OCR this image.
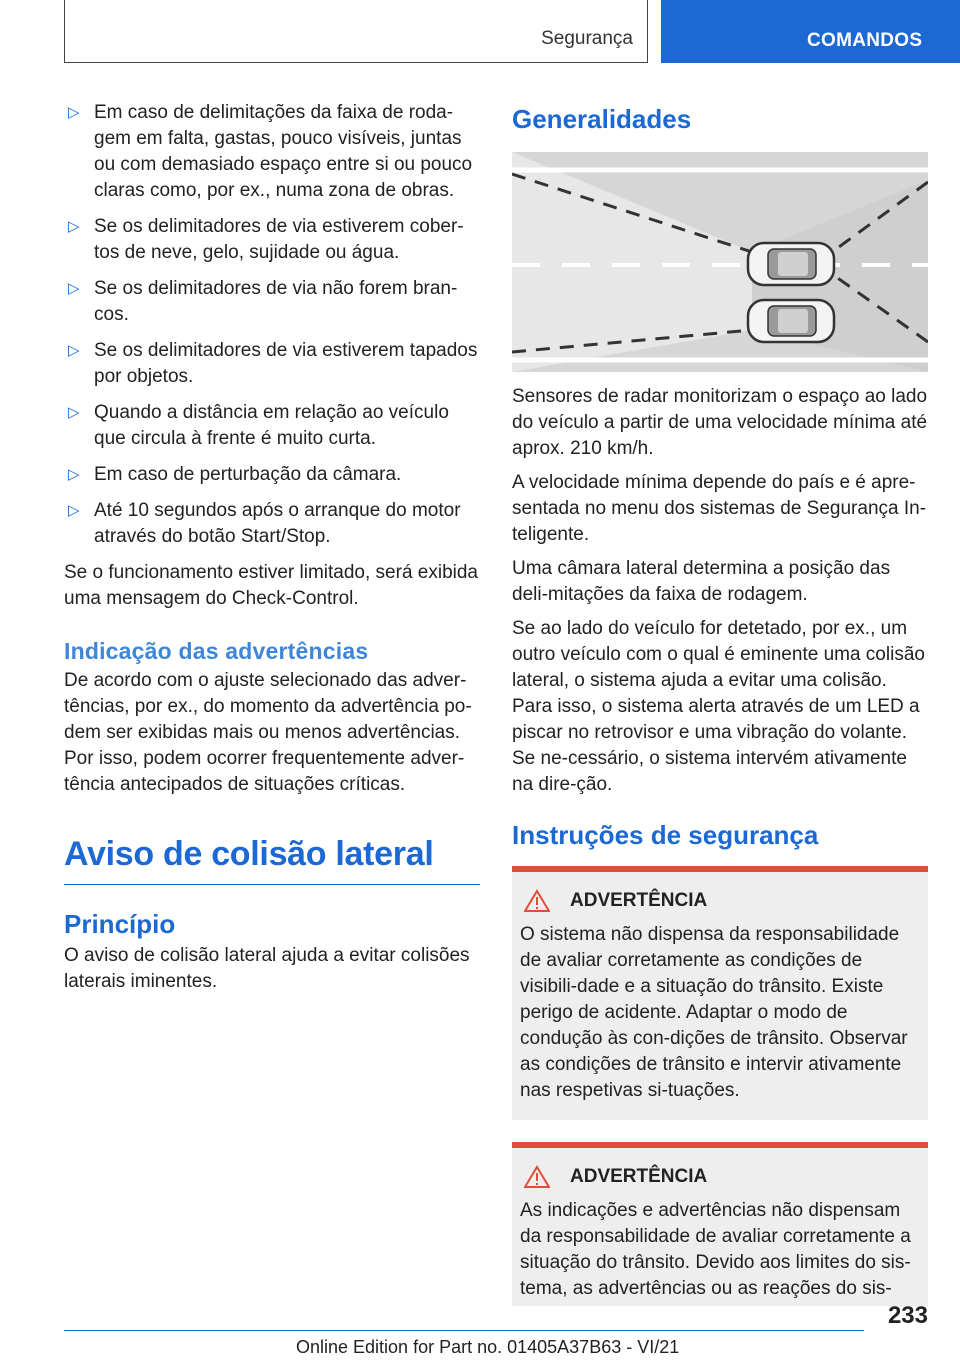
Segurança	COMANDOS
▷ Em caso de delimitações da faixa de roda-gem em falta, gastas, pouco visíveis, juntas ou com demasiado espaço entre si ou pouco claras como, por ex., numa zona de obras.
▷ Se os delimitadores de via estiverem cober-tos de neve, gelo, sujidade ou água.
▷ Se os delimitadores de via não forem bran-cos.
▷ Se os delimitadores de via estiverem tapados por objetos.
▷ Quando a distância em relação ao veículo que circula à frente é muito curta.
▷ Em caso de perturbação da câmara.
▷ Até 10 segundos após o arranque do motor através do botão Start/Stop.

Se o funcionamento estiver limitado, será exibida uma mensagem do Check-Control.

Indicação das advertências

De acordo com o ajuste selecionado das adver-tências, por ex., do momento da advertência po-dem ser exibidas mais ou menos advertências. Por isso, podem ocorrer frequentemente adver-tência antecipados de situações críticas.

Aviso de colisão lateral
Princípio

O aviso de colisão lateral ajuda a evitar colisões laterais iminentes.

Generalidades

Sensores de radar monitorizam o espaço ao lado do veículo a partir de uma velocidade mínima até aprox. 210 km/h.

A velocidade mínima depende do país e é apre-sentada no menu dos sistemas de Segurança In-teligente.

Uma câmara lateral determina a posição das deli-mitações da faixa de rodagem.

Se ao lado do veículo for detetado, por ex., um outro veículo com o qual é eminente uma colisão lateral, o sistema ajuda a evitar uma colisão. Para isso, o sistema alerta através de um LED a piscar no retrovisor e uma vibração do volante. Se ne-cessário, o sistema intervém ativamente na dire-ção.

Instruções de segurança
ADVERTÊNCIA

O sistema não dispensa da responsabilidade de avaliar corretamente as condições de visibili-dade e a situação do trânsito. Existe perigo de acidente. Adaptar o modo de condução às con-dições de trânsito. Observar as condições de trânsito e intervir ativamente nas respetivas si-tuações.

ADVERTÊNCIA

As indicações e advertências não dispensam da responsabilidade de avaliar corretamente a situação do trânsito. Devido aos limites do sis-tema, as advertências ou as reações do sis-

233
Online Edition for Part no. 01405A37B63 - VI/21
